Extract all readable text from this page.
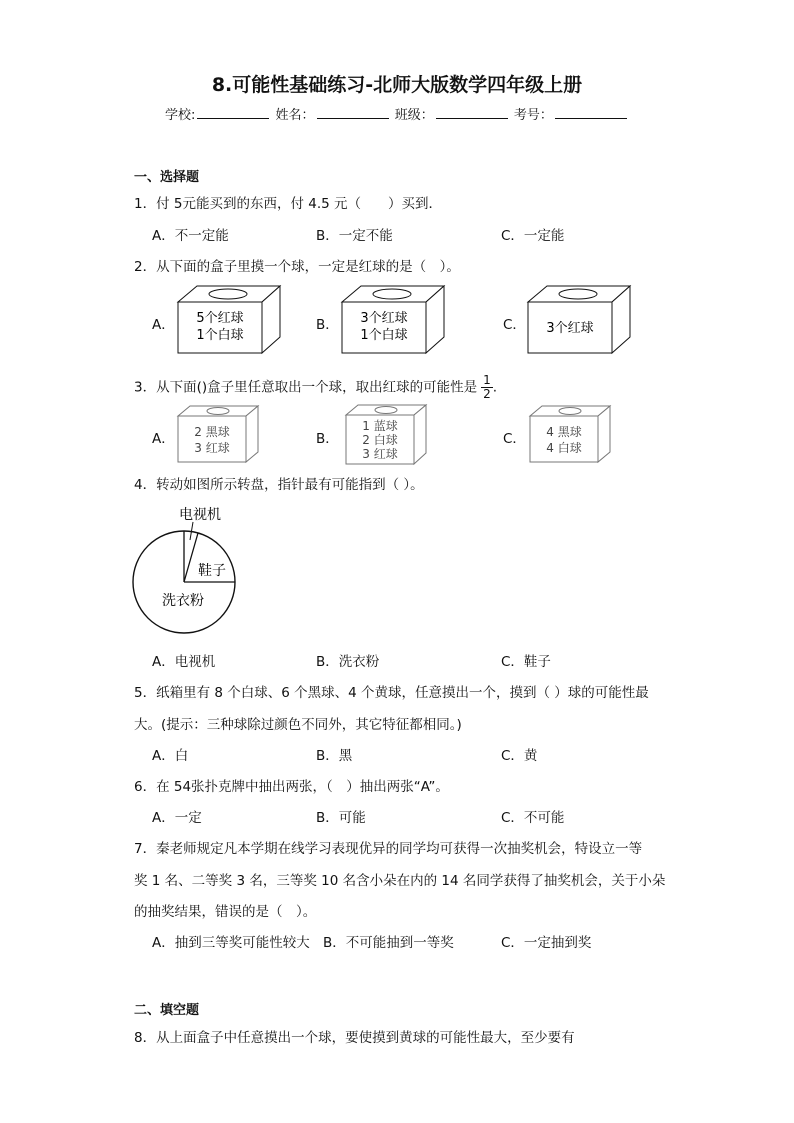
8.可能性基础练习-北师大版数学四年级上册
学校:	姓名：	班级：	考号：
一、选择题
1．付 5元能买到的东西，付 4.5 元（　　）买到．
A．不一定能	B．一定不能	C．一定能
2．从下面的盒子里摸一个球，一定是红球的是（　）。
A．	B．	C．
5个红球
1个白球
3个红球
1个白球	3个红球
3．从下面()盒子里任意取出一个球，取出红球的可能性是 $\frac{1}{2}$ .
A．	B．	C．
2 黑球
3 红球
1 蓝球
2 白球
3 红球
4 黑球
4 白球
4．转动如图所示转盘，指针最有可能指到（ ）。
电视机
鞋子
洗衣粉
A．电视机	B．洗衣粉	C．鞋子
5．纸箱里有 8 个白球、6 个黑球、4 个黄球，任意摸出一个，摸到（ ）球的可能性最
大。(提示：三种球除过颜色不同外，其它特征都相同。)
A．白	B．黑	C．黄
6．在 54张扑克牌中抽出两张，（　）抽出两张“A”。
A．一定	B．可能	C．不可能
7．秦老师规定凡本学期在线学习表现优异的同学均可获得一次抽奖机会，特设立一等
奖 1 名、二等奖 3 名，三等奖 10 名含小朵在内的 14 名同学获得了抽奖机会，关于小朵
的抽奖结果，错误的是（　）。
A．抽到三等奖可能性较大 B．不可能抽到一等奖	C．一定抽到奖
二、填空题
8．从上面盒子中任意摸出一个球，要使摸到黄球的可能性最大，至少要有
